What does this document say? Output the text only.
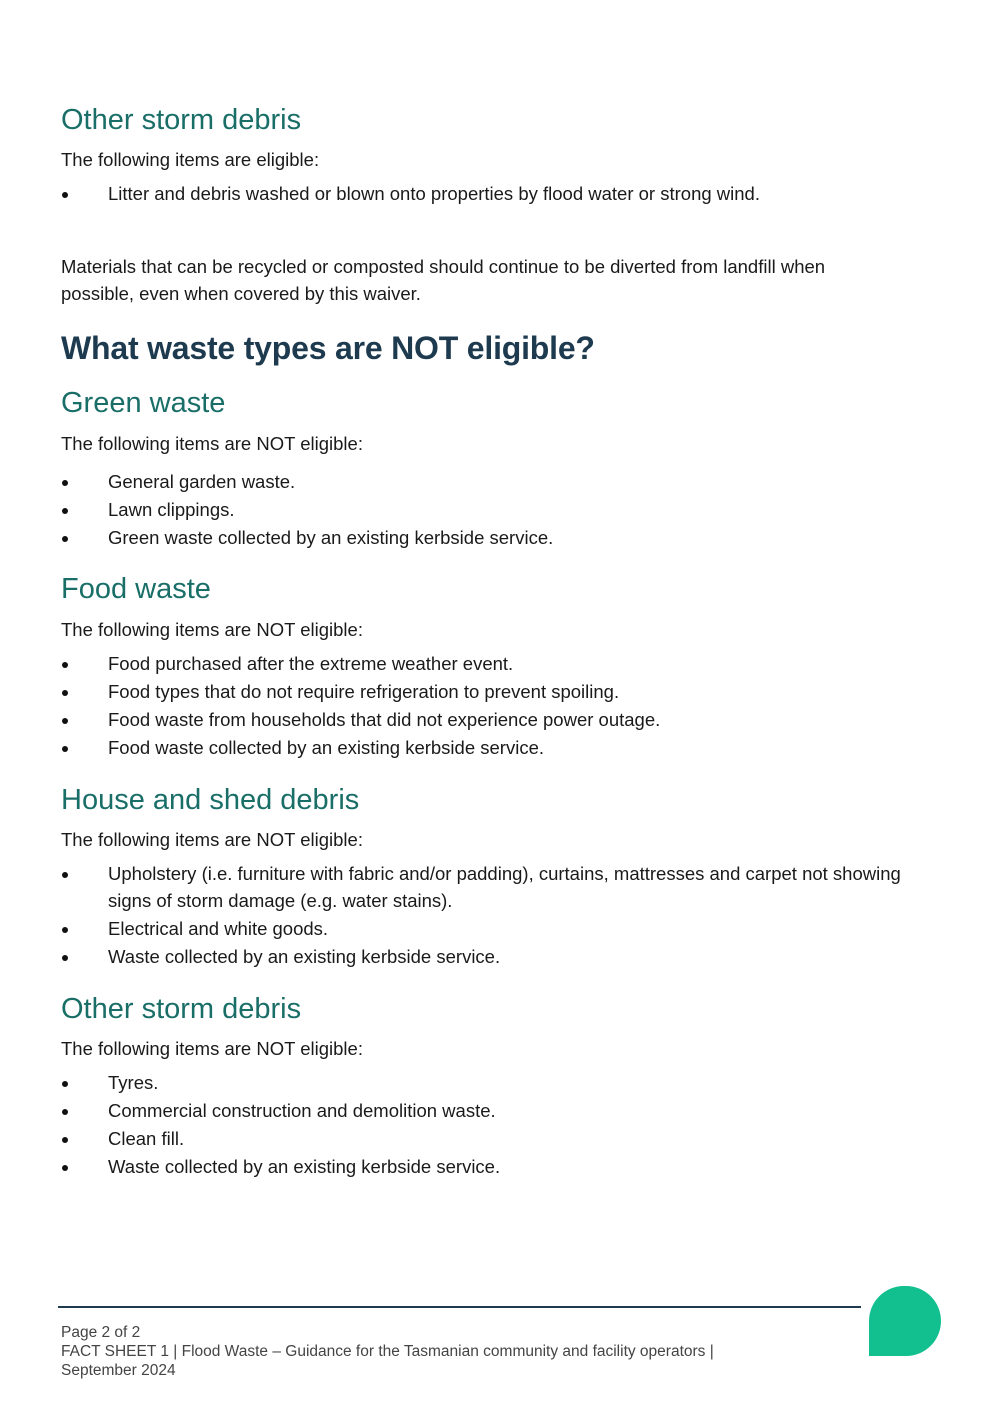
Other storm debris
The following items are eligible:
Litter and debris washed or blown onto properties by flood water or strong wind.
Materials that can be recycled or composted should continue to be diverted from landfill when possible, even when covered by this waiver.
What waste types are NOT eligible?
Green waste
The following items are NOT eligible:
General garden waste.
Lawn clippings.
Green waste collected by an existing kerbside service.
Food waste
The following items are NOT eligible:
Food purchased after the extreme weather event.
Food types that do not require refrigeration to prevent spoiling.
Food waste from households that did not experience power outage.
Food waste collected by an existing kerbside service.
House and shed debris
The following items are NOT eligible:
Upholstery (i.e. furniture with fabric and/or padding), curtains, mattresses and carpet not showing signs of storm damage (e.g. water stains).
Electrical and white goods.
Waste collected by an existing kerbside service.
Other storm debris
The following items are NOT eligible:
Tyres.
Commercial construction and demolition waste.
Clean fill.
Waste collected by an existing kerbside service.
Page 2 of 2
FACT SHEET 1 | Flood Waste – Guidance for the Tasmanian community and facility operators |
September 2024
